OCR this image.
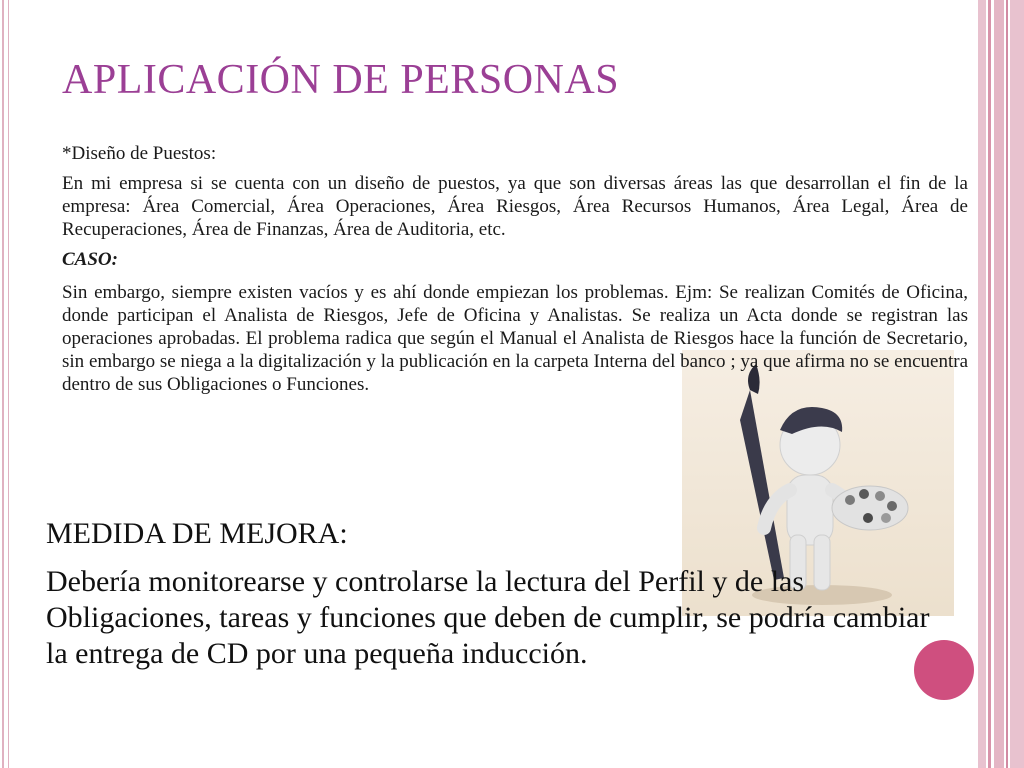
APLICACIÓN DE PERSONAS

*Diseño de Puestos:

En mi empresa si se cuenta con un diseño de puestos, ya que son diversas áreas las que desarrollan el fin de la empresa: Área Comercial, Área Operaciones, Área Riesgos, Área Recursos Humanos, Área Legal, Área de Recuperaciones, Área de Finanzas, Área de Auditoria, etc.

CASO:

Sin embargo, siempre existen vacíos y es ahí donde empiezan los problemas. Ejm: Se realizan Comités de Oficina, donde participan el Analista de Riesgos, Jefe de Oficina y Analistas. Se realiza un Acta donde se registran las operaciones aprobadas. El problema radica que según el Manual el Analista de Riesgos hace la función de Secretario, sin embargo se niega a la digitalización y la publicación en la carpeta Interna del banco ; ya que afirma no se encuentra dentro de sus Obligaciones o Funciones.

MEDIDA DE MEJORA:

Debería monitorearse y controlarse la lectura del Perfil y de las Obligaciones, tareas y funciones que deben de cumplir, se podría cambiar la entrega de CD por una pequeña inducción.
